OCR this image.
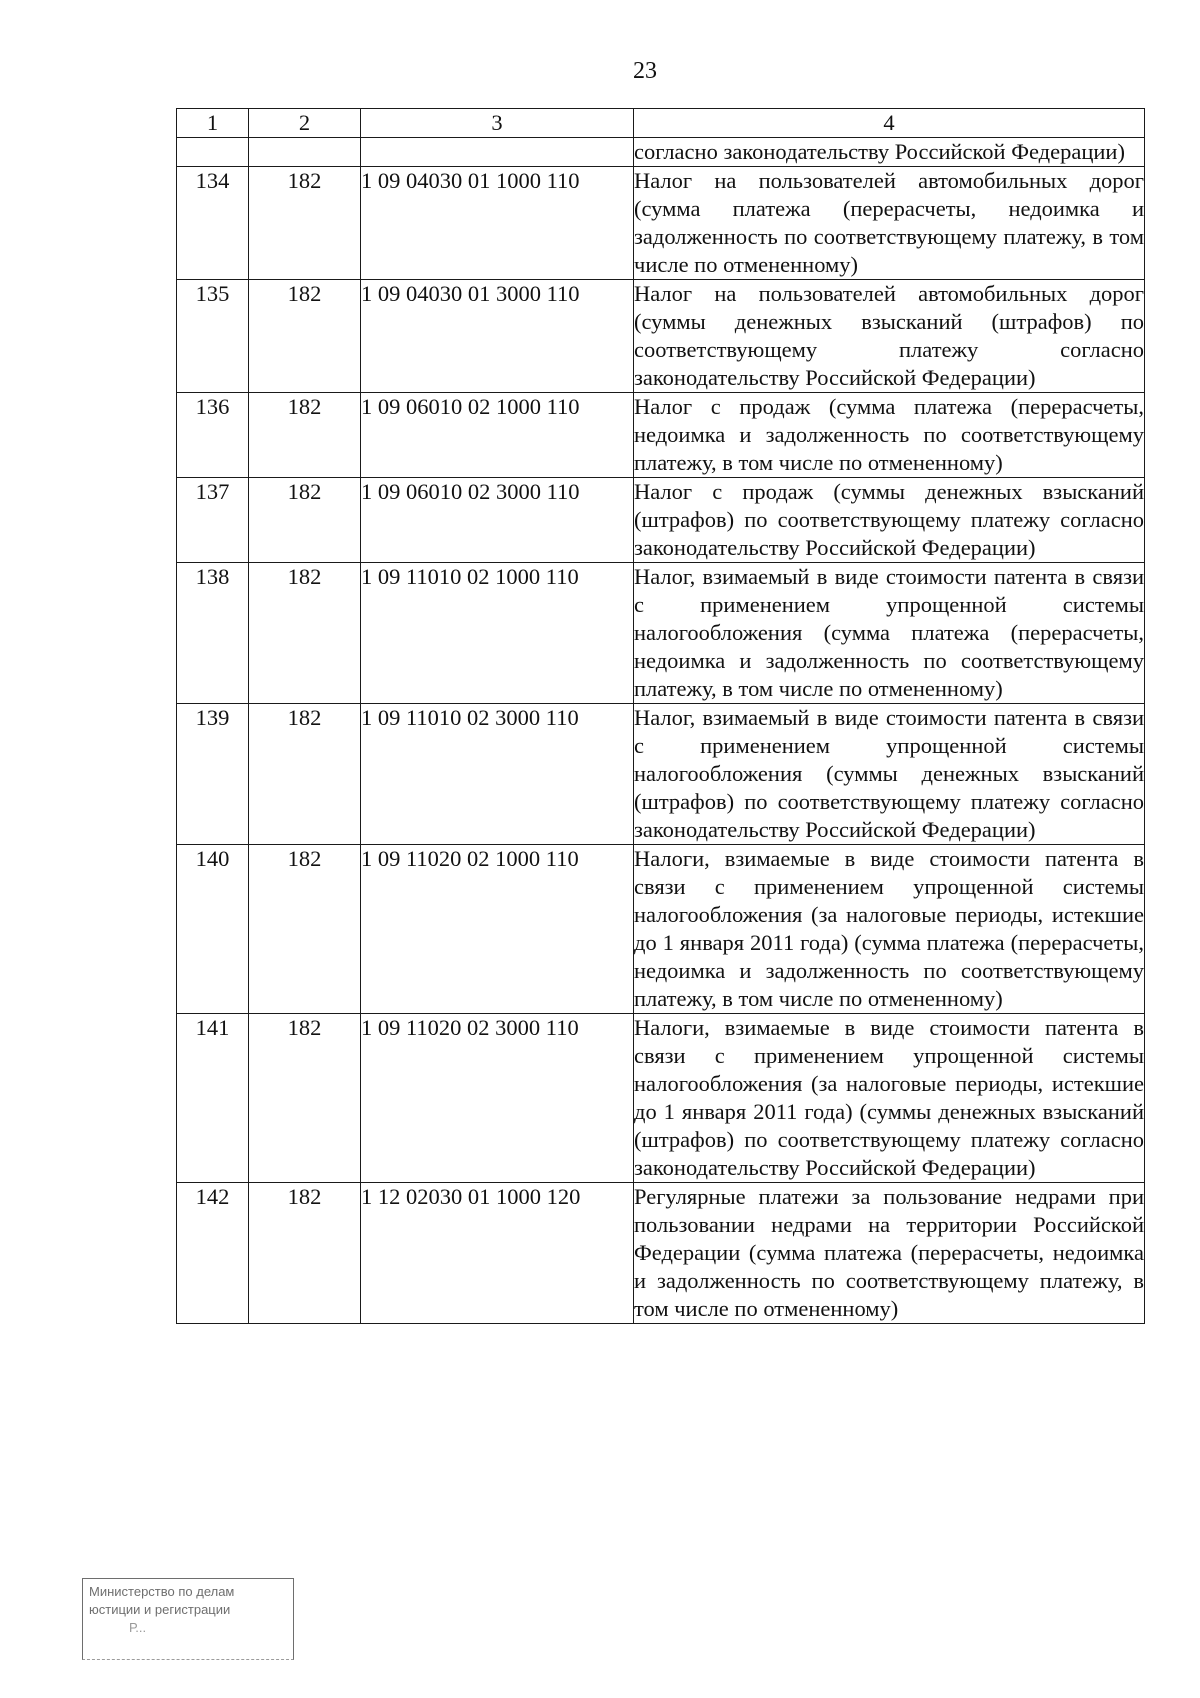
23
1	2	3	4
			согласно законодательству Российской Федерации)
134	182	1 09 04030 01 1000 110	Налог на пользователей автомобильных дорог (сумма платежа (перерасчеты, недоимка и задолженность по соответствующему платежу, в том числе по отмененному)
135	182	1 09 04030 01 3000 110	Налог на пользователей автомобильных дорог (суммы денежных взысканий (штрафов) по соответствующему платежу согласно законодательству Российской Федерации)
136	182	1 09 06010 02 1000 110	Налог с продаж (сумма платежа (перерасчеты, недоимка и задолженность по соответствующему платежу, в том числе по отмененному)
137	182	1 09 06010 02 3000 110	Налог с продаж (суммы денежных взысканий (штрафов) по соответствующему платежу согласно законодательству Российской Федерации)
138	182	1 09 11010 02 1000 110	Налог, взимаемый в виде стоимости патента в связи с применением упрощенной системы налогообложения (сумма платежа (перерасчеты, недоимка и задолженность по соответствующему платежу, в том числе по отмененному)
139	182	1 09 11010 02 3000 110	Налог, взимаемый в виде стоимости патента в связи с применением упрощенной системы налогообложения (суммы денежных взысканий (штрафов) по соответствующему платежу согласно законодательству Российской Федерации)
140	182	1 09 11020 02 1000 110	Налоги, взимаемые в виде стоимости патента в связи с применением упрощенной системы налогообложения (за налоговые периоды, истекшие до 1 января 2011 года) (сумма платежа (перерасчеты, недоимка и задолженность по соответствующему платежу, в том числе по отмененному)
141	182	1 09 11020 02 3000 110	Налоги, взимаемые в виде стоимости патента в связи с применением упрощенной системы налогообложения (за налоговые периоды, истекшие до 1 января 2011 года) (суммы денежных взысканий (штрафов) по соответствующему платежу согласно законодательству Российской Федерации)
142	182	1 12 02030 01 1000 120	Регулярные платежи за пользование недрами при пользовании недрами на территории Российской Федерации (сумма платежа (перерасчеты, недоимка и задолженность по соответствующему платежу, в том числе по отмененному)
Министерство по делам
юстиции и регистрации
Р...
